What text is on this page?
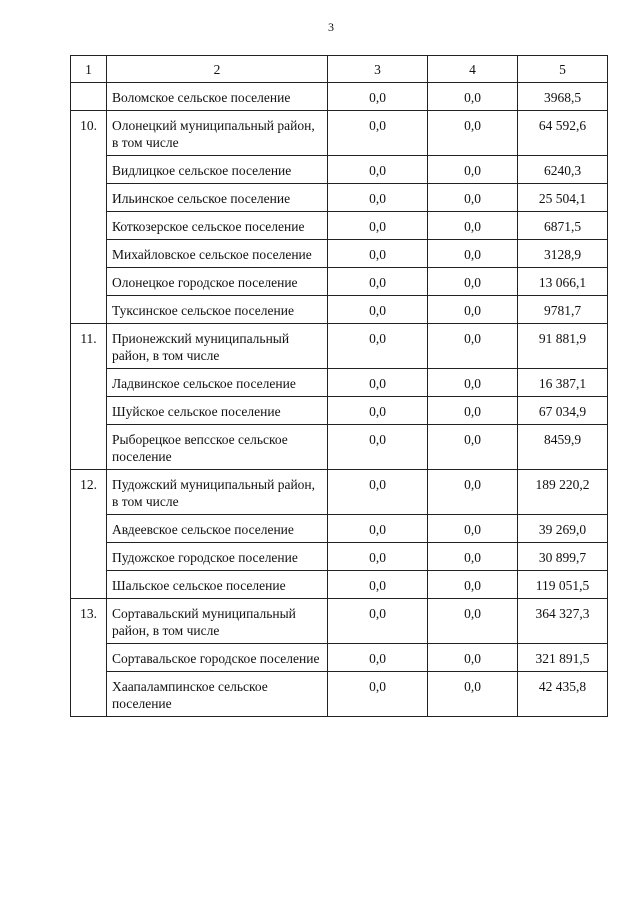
3
1	2	3	4	5
	Воломское сельское поселение	0,0	0,0	3968,5
10.	Олонецкий муниципальный район, в том числе	0,0	0,0	64 592,6
	Видлицкое сельское поселение	0,0	0,0	6240,3
	Ильинское сельское поселение	0,0	0,0	25 504,1
	Коткозерское сельское поселение	0,0	0,0	6871,5
	Михайловское сельское поселение	0,0	0,0	3128,9
	Олонецкое городское поселение	0,0	0,0	13 066,1
	Туксинское сельское поселение	0,0	0,0	9781,7
11.	Прионежский муниципальный район, в том числе	0,0	0,0	91 881,9
	Ладвинское сельское поселение	0,0	0,0	16 387,1
	Шуйское сельское поселение	0,0	0,0	67 034,9
	Рыборецкое вепсское сельское поселение	0,0	0,0	8459,9
12.	Пудожский муниципальный район, в том числе	0,0	0,0	189 220,2
	Авдеевское сельское поселение	0,0	0,0	39 269,0
	Пудожское городское поселение	0,0	0,0	30 899,7
	Шальское сельское поселение	0,0	0,0	119 051,5
13.	Сортавальский муниципальный район, в том числе	0,0	0,0	364 327,3
	Сортавальское городское поселение	0,0	0,0	321 891,5
	Хаапалампинское сельское поселение	0,0	0,0	42 435,8
